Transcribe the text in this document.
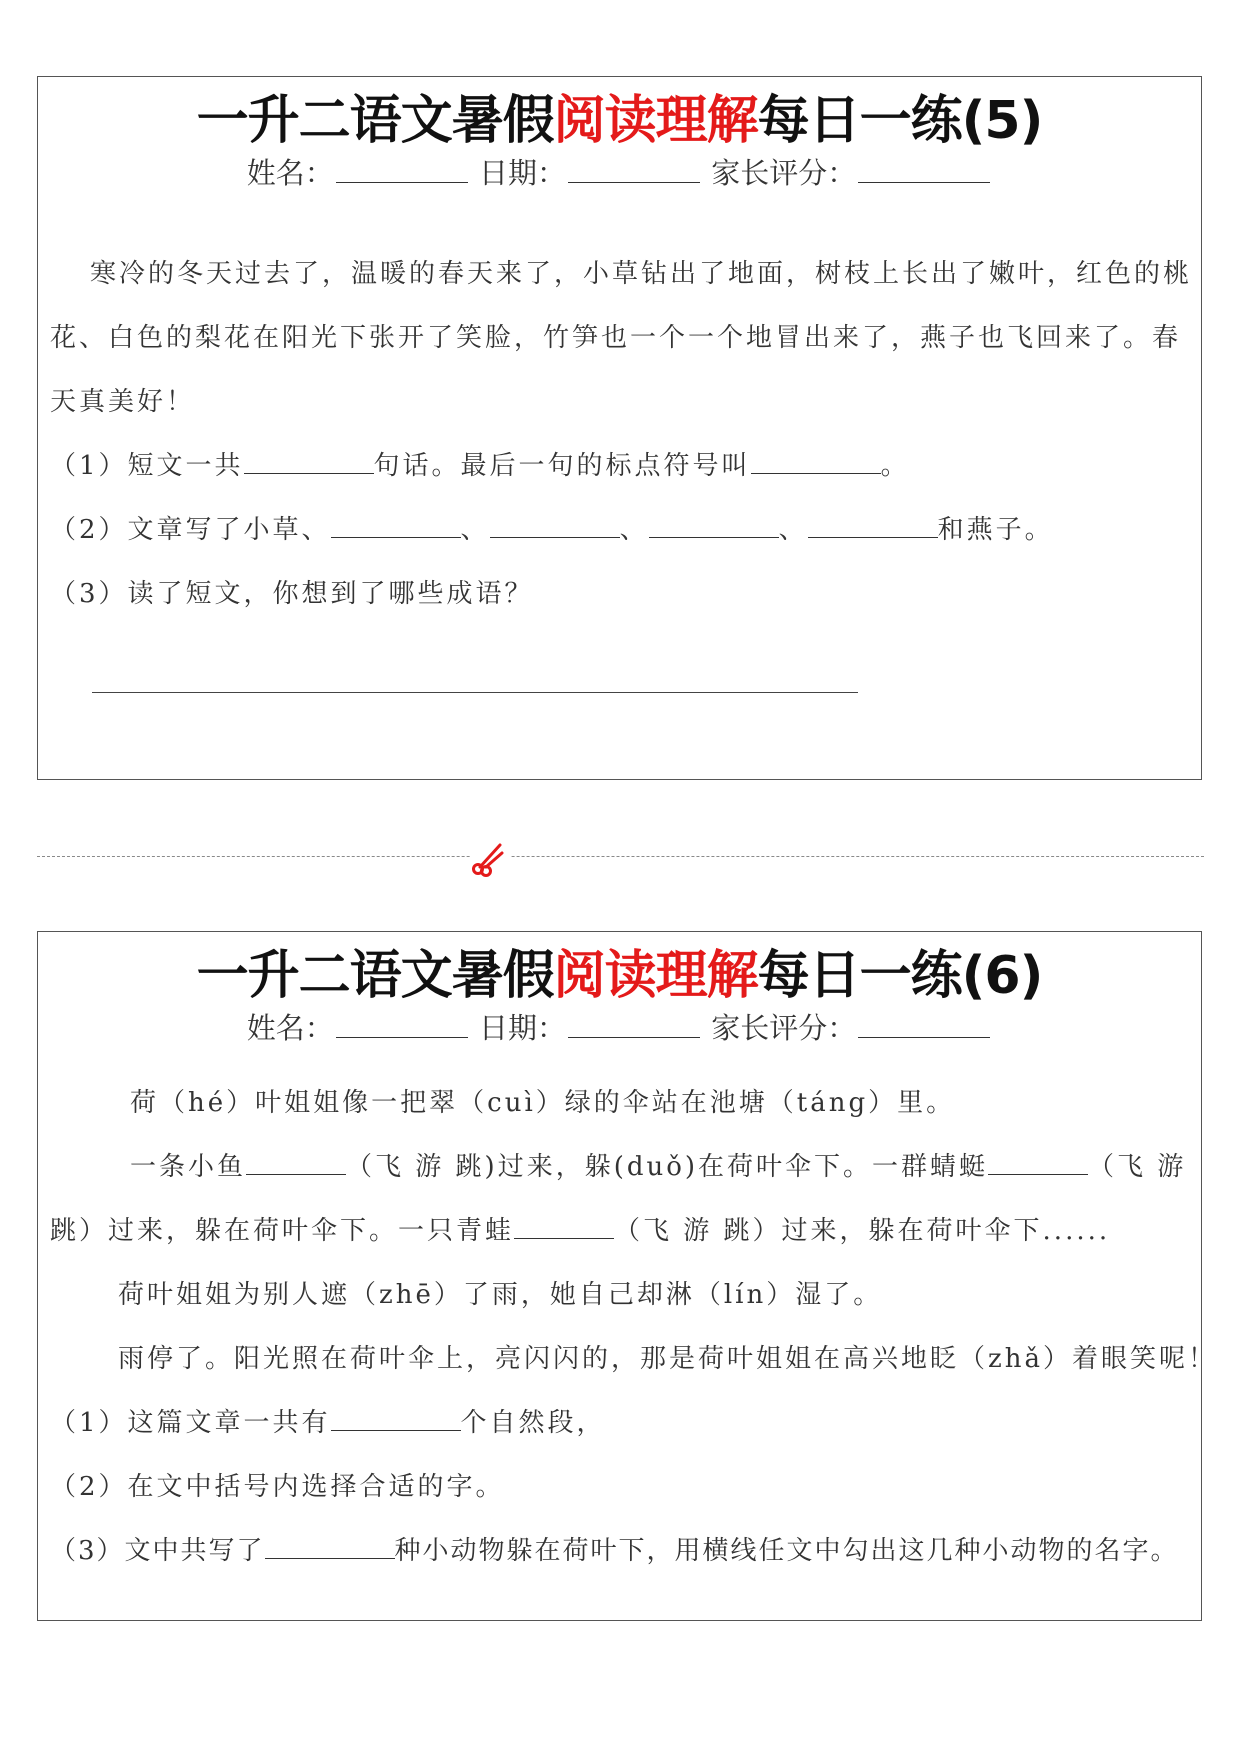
一升二语文暑假阅读理解每日一练(5)
姓名：	日期：	家长评分：
寒冷的冬天过去了，温暖的春天来了，小草钻出了地面，树枝上长出了嫩叶，红色的桃
花、白色的梨花在阳光下张开了笑脸，竹笋也一个一个地冒出来了，燕子也飞回来了。春
天真美好！
（1）短文一共	句话。最后一句的标点符号叫	。
（2）文章写了小草、	、	、	、	和燕子。
（3）读了短文，你想到了哪些成语？
一升二语文暑假阅读理解每日一练(6)
姓名：	日期：	家长评分：
荷（hé）叶姐姐像一把翠（cuì）绿的伞站在池塘（táng）里。
一条小鱼	（飞 游 跳)过来，躲(duǒ)在荷叶伞下。一群蜻蜓	（飞 游
跳）过来，躲在荷叶伞下。一只青蛙	（飞 游 跳）过来，躲在荷叶伞下......
荷叶姐姐为别人遮（zhē）了雨，她自己却淋（lín）湿了。
雨停了。阳光照在荷叶伞上，亮闪闪的，那是荷叶姐姐在高兴地眨（zhǎ）着眼笑呢！
（1）这篇文章一共有	个自然段，
（2）在文中括号内选择合适的字。
（3）文中共写了	种小动物躲在荷叶下，用横线任文中勾出这几种小动物的名字。
